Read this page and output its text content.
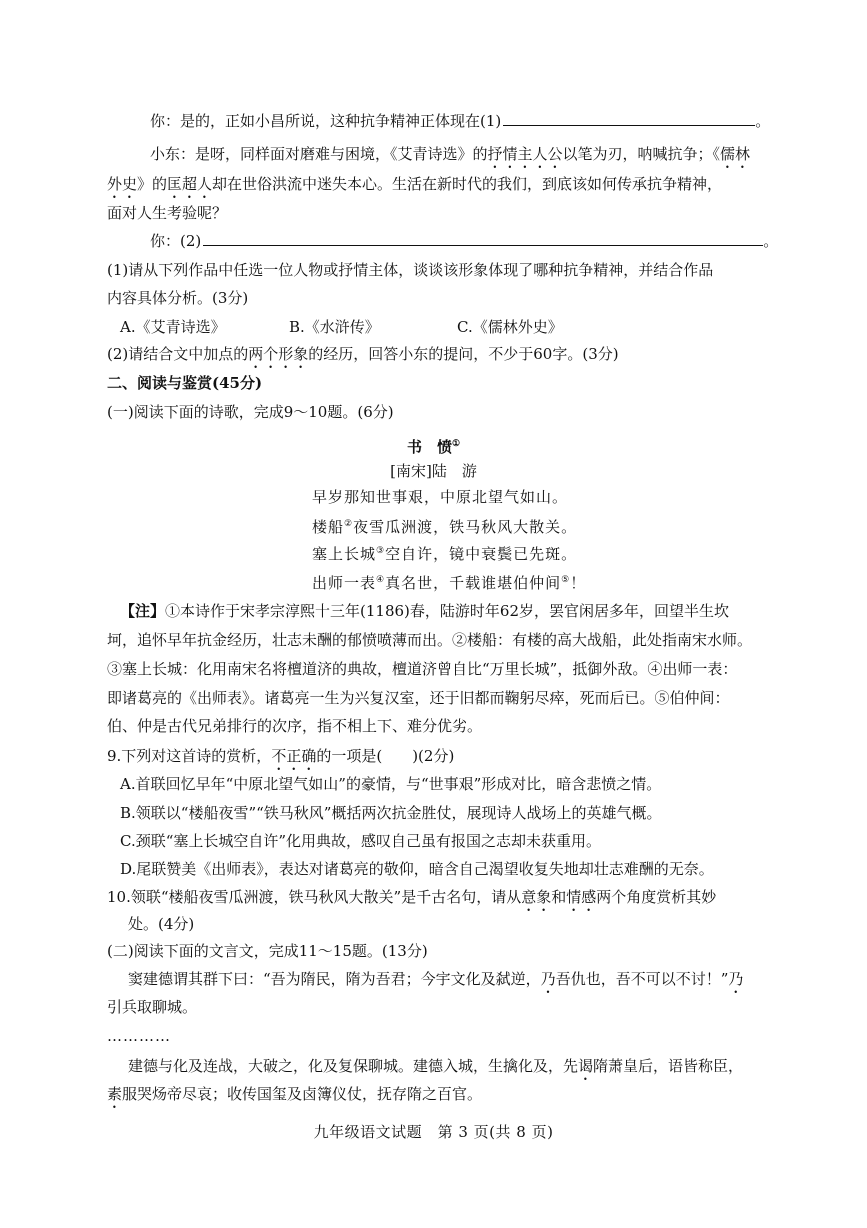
你：是的，正如小昌所说，这种抗争精神正体现在(1)	。
小东：是呀，同样面对磨难与困境，《艾青诗选》的抒情主人公以笔为刃，呐喊抗争；《儒林
外史》的匡超人却在世俗洪流中迷失本心。生活在新时代的我们，到底该如何传承抗争精神，
面对人生考验呢？
你：(2)	。
(1)请从下列作品中任选一位人物或抒情主体，谈谈该形象体现了哪种抗争精神，并结合作品
内容具体分析。(3分)
A.《艾青诗选》	B.《水浒传》	C.《儒林外史》
(2)请结合文中加点的两个形象的经历，回答小东的提问，不少于60字。(3分)
二、阅读与鉴赏(45分)
(一)阅读下面的诗歌，完成9～10题。(6分)
书　愤①
[南宋]陆　游
早岁那知世事艰，中原北望气如山。
楼船②夜雪瓜洲渡，铁马秋风大散关。
塞上长城③空自许，镜中衰鬓已先斑。
出师一表④真名世，千载谁堪伯仲间⑤！
【注】①本诗作于宋孝宗淳熙十三年(1186)春，陆游时年62岁，罢官闲居多年，回望半生坎
坷，追怀早年抗金经历，壮志未酬的郁愤喷薄而出。②楼船：有楼的高大战船，此处指南宋水师。
③塞上长城：化用南宋名将檀道济的典故，檀道济曾自比“万里长城”，抵御外敌。④出师一表：
即诸葛亮的《出师表》。诸葛亮一生为兴复汉室，还于旧都而鞠躬尽瘁，死而后已。⑤伯仲间：
伯、仲是古代兄弟排行的次序，指不相上下、难分优劣。
9.下列对这首诗的赏析，不正确的一项是(　　)(2分)
A.首联回忆早年“中原北望气如山”的豪情，与“世事艰”形成对比，暗含悲愤之情。
B.领联以“楼船夜雪”“铁马秋风”概括两次抗金胜仗，展现诗人战场上的英雄气概。
C.颈联“塞上长城空自许”化用典故，感叹自己虽有报国之志却未获重用。
D.尾联赞美《出师表》，表达对诸葛亮的敬仰，暗含自己渴望收复失地却壮志难酬的无奈。
10.领联“楼船夜雪瓜洲渡，铁马秋风大散关”是千古名句，请从意象和情感两个角度赏析其妙
处。(4分)
(二)阅读下面的文言文，完成11～15题。(13分)
窦建德谓其群下曰：“吾为隋民，隋为吾君；今宇文化及弑逆，乃吾仇也，吾不可以不讨！”乃
引兵取聊城。
…………
建德与化及连战，大破之，化及复保聊城。建德入城，生擒化及，先谒隋萧皇后，语皆称臣，
素服哭炀帝尽哀；收传国玺及卤簿仪仗，抚存隋之百官。
九年级语文试题　第 3 页(共 8 页)
